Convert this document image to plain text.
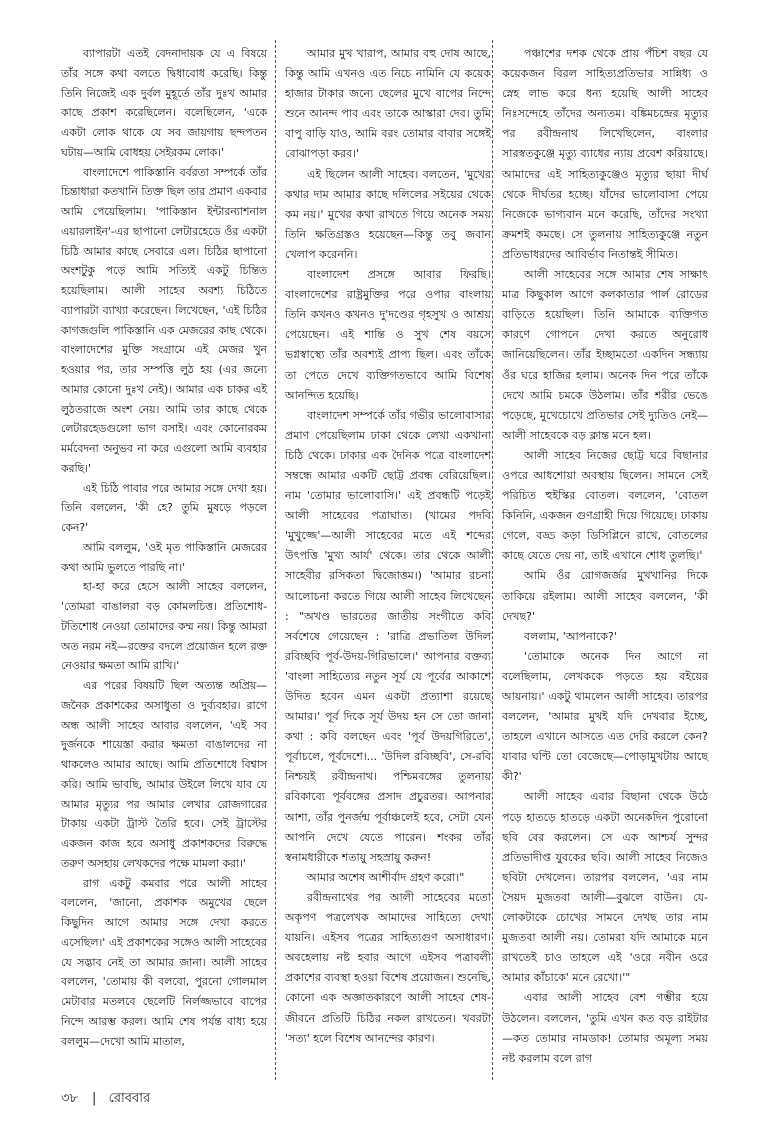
ব্যাপারটা এতই বেদনাদায়ক যে এ বিষয়ে তাঁর সঙ্গে কথা বলতে দ্বিধাবোধ করেছি। কিন্তু তিনি নিজেই এক দুর্বল মুহূর্তে তাঁর দুঃখ আমার কাছে প্রকাশ করেছিলেন। বলেছিলেন, 'একে একটা লোক থাকে যে সব জায়গায় ছন্দপতন ঘটায়—আমি বোধহয় সেইরকম লোক।'

বাংলাদেশে পাকিস্তানি বর্বরতা সম্পর্কে তাঁর চিন্তাধারা কতখানি তিক্ত ছিল তার প্রমাণ একবার আমি পেয়েছিলাম। 'পাকিস্তান ইন্টারন্যাশনাল এয়ারলাইন'-এর ছাপানো লেটারহেডে ওঁর একটা চিঠি আমার কাছে সেবারে এল। চিঠির ছাপানো অংশটুকু পড়ে আমি সত্যিই একটু চিন্তিত হয়েছিলাম। আলী সাহেব অবশ্য চিঠিতে ব্যাপারটা ব্যাখ্যা করেছেন। লিখেছেন, 'এই চিঠির কাগজগুলি পাকিস্তানি এক মেজরের কাছ থেকে। বাংলাদেশের মুক্তি সংগ্রামে এই মেজর খুন হওয়ার পর, তার সম্পত্তি লুঠ হয় (এর জন্যে আমার কোনো দুঃখ নেই)। আমার এক চাকর এই লুঠতরাজে অংশ নেয়। আমি তার কাছে থেকে লেটারহেডগুলো ভাগ বসাই। এবং কোনোরকম মর্মবেদনা অনুভব না করে এগুলো আমি ব্যবহার করছি।'

এই চিঠি পাবার পরে আমার সঙ্গে দেখা হয়। তিনি বললেন, 'কী হে? তুমি মুষড়ে পড়লে কেন?'

আমি বললুম, 'ওই মৃত পাকিস্তানি মেজরের কথা আমি ভুলতে পারছি না।'

হা-হা করে হেসে আলী সাহেব বললেন, 'তোমরা বাঙালরা বড় কোমলচিত্ত। প্রতিশোধ-টতিশোধ নেওয়া তোমাদের কম্ম নয়। কিন্তু আমরা অত নরম নই—রক্তের বদলে প্রয়োজন হলে রক্ত নেওয়ার ক্ষমতা আমি রাখি।'

এর পরের বিষয়টি ছিল অত্যন্ত অপ্রিয়—জনৈক প্রকাশকের অসাধুতা ও দুর্ব্যবহার। রাগে অন্ধ আলী সাহেব আবার বললেন, 'এই সব দুর্জনকে শায়েস্তা করার ক্ষমতা বাঙালদের না থাকলেও আমার আছে। আমি প্রতিশোধে বিশ্বাস করি। আমি ভাবছি, আমার উইলে লিখে যাব যে আমার মৃত্যুর পর আমার লেখার রোজগারের টাকায় একটা ট্রাস্ট তৈরি হবে। সেই ট্রাস্টের একজন কাজ হবে অসাধু প্রকাশকদের বিরুদ্ধে তরুণ অসহায় লেখকদের পক্ষে মামলা করা।'

রাগ একটু কমবার পরে আলী সাহেব বললেন, 'জানো, প্রকাশক অমুখের ছেলে কিছুদিন আগে আমার সঙ্গে দেখা করতে এসেছিল।' এই প্রকাশকের সঙ্গেও আলী সাহেবের যে সদ্ভাব নেই তা আমার জানা। আলী সাহেব বললেন, 'তোমায় কী বলবো, পুরনো গোলমাল মেটাবার মতলবে ছেলেটি নির্লজ্জভাবে বাপের নিন্দে আরম্ভ করল। আমি শেষ পর্যন্ত বাধ্য হয়ে বললুম—দেখো আমি মাতাল,

আমার মুখ খারাপ, আমার বহু দোষ আছে, কিন্তু আমি এখনও এত নিচে নামিনি যে কয়েক হাজার টাকার জন্যে ছেলের মুখে বাপের নিন্দে শুনে আনন্দ পাব এবং তাকে আস্কারা দেব। তুমি বাপু বাড়ি যাও, আমি বরং তোমার বাবার সঙ্গেই বোঝাপড়া করব।'

এই ছিলেন আলী সাহেব। বলতেন, 'মুখের কথার দাম আমার কাছে দলিলের সইয়ের থেকে কম নয়।' মুখের কথা রাখতে গিয়ে অনেক সময় তিনি ক্ষতিগ্রস্তও হয়েছেন—কিন্তু তবু জবান খেলাপ করেননি।

বাংলাদেশ প্রসঙ্গে আবার ফিরছি। বাংলাদেশের রাষ্ট্রমুক্তির পরে ওপার বাংলায় তিনি কখনও কখনও দু'দণ্ডের গৃহসুখ ও আশ্রয় পেয়েছেন। এই শান্তি ও সুখ শেষ বয়সে ভগ্নস্বাস্থ্যে তাঁর অবশ্যই প্রাপ্য ছিল। এবং তাঁকে তা পেতে দেখে ব্যক্তিগতভাবে আমি বিশেষ আনন্দিত হয়েছি।

বাংলাদেশ সম্পর্কে তাঁর গভীর ভালোবাসার প্রমাণ পেয়েছিলাম ঢাকা থেকে লেখা একখানা চিঠি থেকে। ঢাকার এক দৈনিক পত্রে বাংলাদেশ সম্বন্ধে আমার একটি ছোট্ট প্রবন্ধ বেরিয়েছিল। নাম 'তোমার ভালোবাসি।' এই প্রবন্ধটি পড়েই আলী সাহেবের পত্রাঘাত। (খামের পদবি 'মুখুজ্জে'—আলী সাহেবের মতে এই শব্দের উৎপত্তি 'মুখ্য আর্য' থেকে। তার থেকে আলী সাহেবীর রসিকতা দ্বিজোত্তম।) 'আমার রচনা আলোচনা করতে গিয়ে আলী সাহেব লিখেছেন : "অখণ্ড ভারতের জাতীয় সংগীতে কবি সর্বশেষে গেয়েছেন : 'রাত্রি প্রভাতিল উদিল রবিচ্ছবি পূর্ব-উদয়-গিরিভালে।' আপনার বক্তব্য 'বাংলা সাহিত্যের নতুন সূর্য যে পূর্বের আকাশে উদিত হবেন এমন একটা প্রত্যাশা রয়েছে আমার।' পূর্ব দিকে সূর্য উদয় হন সে তো জানা কথা : কবি বলছেন এবং 'পূর্ব উদয়গিরিতে', পূর্বাচলে, পূর্বদেশে।... 'উদিল রবিচ্ছবি', সে-রবি নিশ্চয়ই রবীন্দ্রনাথ। পশ্চিমবঙ্গের তুলনায় রবিকাব্যে পূর্ববঙ্গের প্রসাদ প্রচুরতর। আপনার আশা, তাঁর পুনর্জন্ম পূর্বাঞ্চলেই হবে, সেটা যেন আপনি দেখে যেতে পারেন। শংকর তাঁর স্বনামধারীকে শতায়ু সহস্রায়ু করুন!

আমার অশেষ আশীর্বাদ গ্রহণ করো।"

রবীন্দ্রনাথের পর আলী সাহেবের মতো অকৃপণ পত্রলেখক আমাদের সাহিত্যে দেখা যায়নি। এইসব পত্রের সাহিত্যগুণ অসাধারণ। অবহেলায় নষ্ট হবার আগে এইসব পত্রাবলী প্রকাশের ব্যবস্থা হওয়া বিশেষ প্রয়োজন। শুনেছি, কোনো এক অজ্ঞাতকারণে আলী সাহেব শেষ-জীবনে প্রতিটি চিঠির নকল রাখতেন। খবরটা 'সত্য' হলে বিশেষ আনন্দের কারণ।

পঞ্চাশের দশক থেকে প্রায় পঁচিশ বছর যে কয়েকজন বিরল সাহিত্যপ্রতিভার সান্নিধ্য ও স্নেহ লাভ করে ধন্য হয়েছি আলী সাহেব নিঃসন্দেহে তাঁদের অন্যতম। বঙ্কিমচন্দ্রের মৃত্যুর পর রবীন্দ্রনাথ লিখেছিলেন, বাংলার সারস্বতকুঞ্জে মৃত্যু ব্যাধের ন্যায় প্রবেশ করিয়াছে। আমাদের এই সাহিত্যকুঞ্জেও মৃত্যুর ছায়া দীর্ঘ থেকে দীর্ঘতর হচ্ছে। যাঁদের ভালোবাসা পেয়ে নিজেকে ভাগ্যবান মনে করেছি, তাঁদের সংখ্যা ক্রমশই কমছে। সে তুলনায় সাহিত্যকুঞ্জে নতুন প্রতিভাধরদের আবির্ভাব নিতান্তই সীমিত।

আলী সাহেবের সঙ্গে আমার শেষ সাক্ষাৎ মাত্র কিছুকাল আগে কলকাতার পার্ল রোডের বাড়িতে হয়েছিল। তিনি আমাকে ব্যক্তিগত কারণে গোপনে দেখা করতে অনুরোধ জানিয়েছিলেন। তাঁর ইচ্ছামতো একদিন সন্ধ্যায় ওঁর ঘরে হাজির হলাম। অনেক দিন পরে তাঁকে দেখে আমি চমকে উঠলাম। তাঁর শরীর ভেঙে পড়েছে, মুখেচোখে প্রতিভার সেই দ্যুতিও নেই—আলী সাহেবকে বড় ক্লান্ত মনে হল।

আলী সাহেব নিজের ছোট্ট ঘরে বিছানার ওপরে আধশোয়া অবস্থায় ছিলেন। সামনে সেই পরিচিত হুইস্কির বোতল। বললেন, 'বোতল কিনিনি, একজন গুণগ্রাহী দিয়ে গিয়েছে। ঢাকায় গেলে, বড্ড কড়া ডিসিপ্লিনে রাখে, বোতলের কাছে যেতে দেয় না, তাই এখানে শোধ তুলছি।'

আমি ওঁর রোগজর্জর মুখখানির দিকে তাকিয়ে রইলাম। আলী সাহেব বললেন, 'কী দেখছ?'

বললাম, 'আপনাকে?'

'তোমাকে অনেক দিন আগে না বলেছিলাম, লেখককে পড়তে হয় বইয়ের আয়নায়।' একটু থামলেন আলী সাহেব। তারপর বললেন, 'আমার মুখই যদি দেখবার ইচ্ছে, তাহলে এখানে আসতে এত দেরি করলে কেন? যাবার ঘণ্টি তো বেজেছে—পোড়ামুখটায় আছে কী?'

আলী সাহেব এবার বিছানা থেকে উঠে পড়ে হাতড়ে হাতড়ে একটা অনেকদিন পুরোনো ছবি বের করলেন। সে এক আশ্চর্য সুন্দর প্রতিভাদীপ্ত যুবকের ছবি। আলী সাহেব নিজেও ছবিটা দেখলেন। তারপর বললেন, 'এর নাম সৈয়দ মুজতবা আলী—বুঝলে বাউন। যে-লোকটাকে চোখের সামনে দেখছ তার নাম মুজতবা আলী নয়। তোমরা যদি আমাকে মনে রাখতেই চাও তাহলে এই 'ওরে নবীন ওরে আমার কাঁচাকে' মনে রেখো।'"

এবার আলী সাহেব বেশ গম্ভীর হয়ে উঠলেন। বললেন, 'তুমি এখন কত বড় রাইটার—কত তোমার নামডাক! তোমার অমূল্য সময় নষ্ট করলাম বলে রাগ

৩৮ | রোববার
